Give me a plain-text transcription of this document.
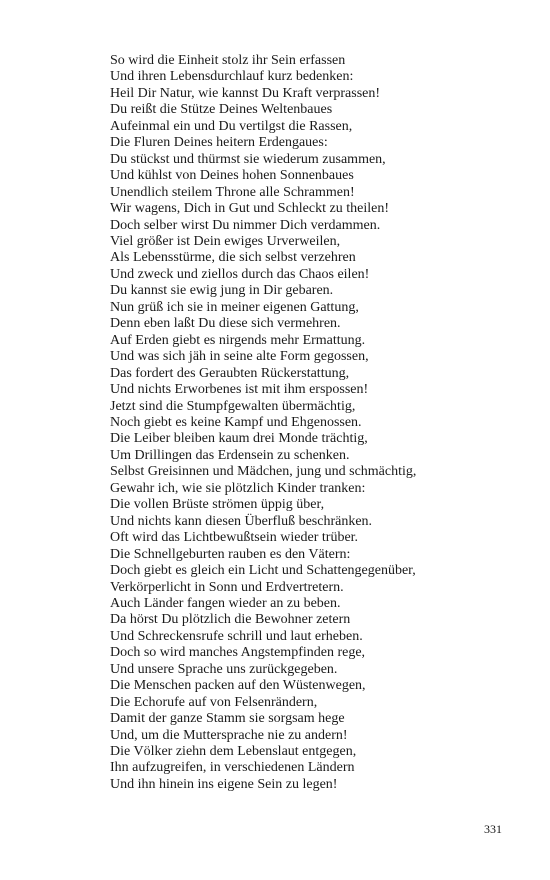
So wird die Einheit stolz ihr Sein erfassen
Und ihren Lebensdurchlauf kurz bedenken:
Heil Dir Natur, wie kannst Du Kraft verprassen!
Du reißt die Stütze Deines Weltenbaues
Aufeinmal ein und Du vertilgst die Rassen,
Die Fluren Deines heitern Erdengaues:
Du stückst und thürmst sie wiederum zusammen,
Und kühlst von Deines hohen Sonnenbaues
Unendlich steilem Throne alle Schrammen!
Wir wagens, Dich in Gut und Schleckt zu theilen!
Doch selber wirst Du nimmer Dich verdammen.
Viel größer ist Dein ewiges Urverweilen,
Als Lebensstürme, die sich selbst verzehren
Und zweck und ziellos durch das Chaos eilen!
Du kannst sie ewig jung in Dir gebaren.
Nun grüß ich sie in meiner eigenen Gattung,
Denn eben laßt Du diese sich vermehren.
Auf Erden giebt es nirgends mehr Ermattung.
Und was sich jäh in seine alte Form gegossen,
Das fordert des Geraubten Rückerstattung,
Und nichts Erworbenes ist mit ihm erspossen!
Jetzt sind die Stumpfgewalten übermächtig,
Noch giebt es keine Kampf und Ehgenossen.
Die Leiber bleiben kaum drei Monde trächtig,
Um Drillingen das Erdensein zu schenken.
Selbst Greisinnen und Mädchen, jung und schmächtig,
Gewahr ich, wie sie plötzlich Kinder tranken:
Die vollen Brüste strömen üppig über,
Und nichts kann diesen Überfluß beschränken.
Oft wird das Lichtbewußtsein wieder trüber.
Die Schnellgeburten rauben es den Vätern:
Doch giebt es gleich ein Licht und Schattengegenüber,
Verkörperlicht in Sonn und Erdvertretern.
Auch Länder fangen wieder an zu beben.
Da hörst Du plötzlich die Bewohner zetern
Und Schreckensrufe schrill und laut erheben.
Doch so wird manches Angstempfinden rege,
Und unsere Sprache uns zurückgegeben.
Die Menschen packen auf den Wüstenwegen,
Die Echorufe auf von Felsenrändern,
Damit der ganze Stamm sie sorgsam hege
Und, um die Muttersprache nie zu andern!
Die Völker ziehn dem Lebenslaut entgegen,
Ihn aufzugreifen, in verschiedenen Ländern
Und ihn hinein ins eigene Sein zu legen!
331
